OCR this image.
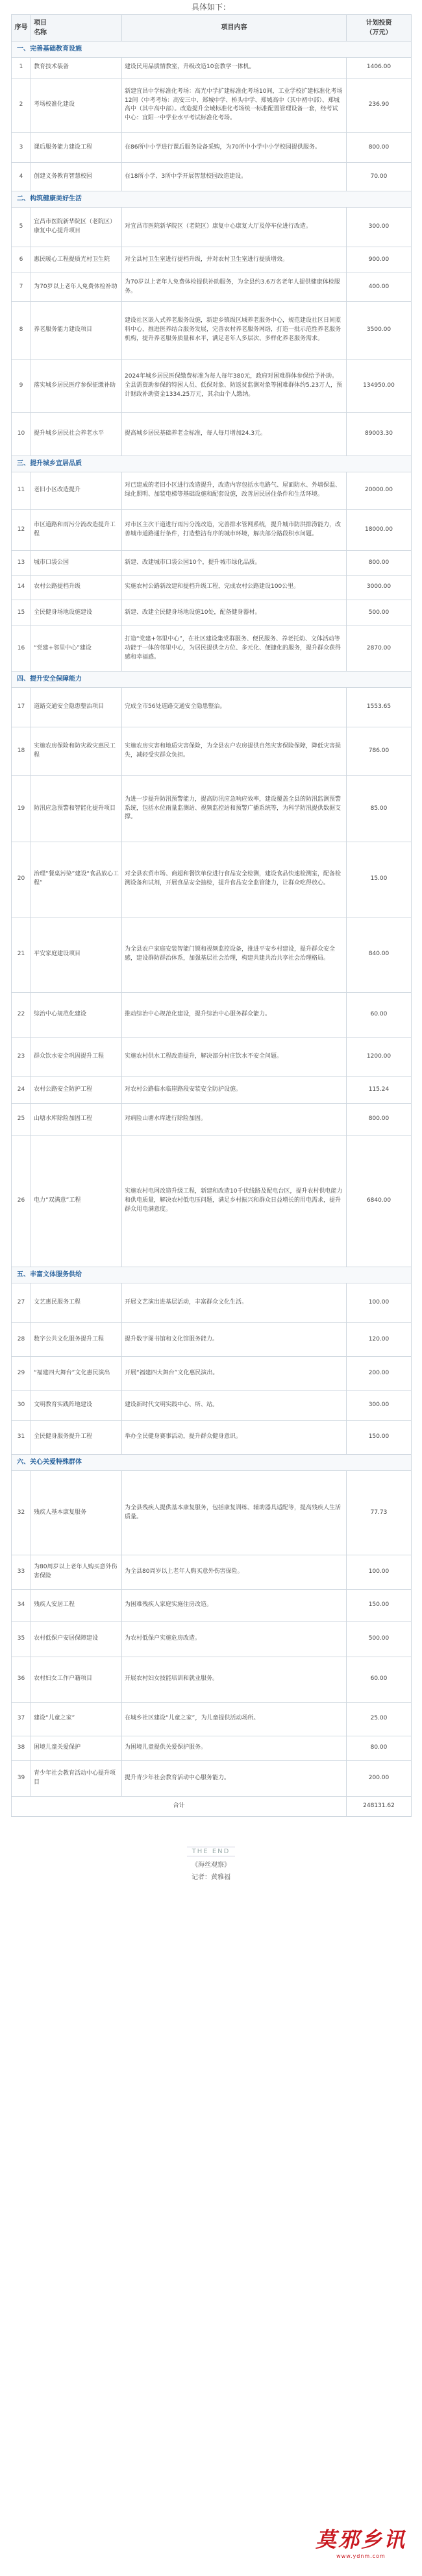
具体如下：
序号	项目
名称	项目内容	计划投资
（万元）
一、完善基础教育设施			
1	教育技术装备	建设民用品质情教室，升级改造10套教学一体机。	1406.00
2	考场校准化建设	新建宜昌中学标准化考场：高光中学扩建标准化考场10间，工业学校扩建标准化考场12间（中考考场：高安三中、郑城中学、桥头中学、郑城高中（其中初中部）、郑城高中（其中高中部）。改造提升全域标准化考场统一标准配置管理设备一套，经考试中心：宜阳一中学业水平考试标准化考场。	236.90
3	课后服务能力建设工程	在86所中小学进行课后服务设备采购，为70所中小学中小学校园提供服务。	800.00
4	创建义务教育智慧校园	在18所小学、3所中学开展智慧校园改造建设。	70.00
二、构筑健康美好生活			
5	宜昌市医院新华院区（老院区）康复中心提升项目	对宜昌市医院新华院区（老院区）康复中心康复大厅及停车位进行改造。	300.00
6	惠民暖心工程提质光村卫生院	对全县村卫生室进行提档升级，并对农村卫生室进行提质增效。	900.00
7	为70岁以上老年人免费体检补助	为70岁以上老年人免费体检提供补助服务，为全县约3.6万名老年人提供健康体检服务。	400.00
8	养老服务能力建设项目	建设社区嵌入式养老服务设施，新建乡镇级区域养老服务中心，规范建设社区日间照料中心，推进医养结合服务发展，完善农村养老服务网络，打造一批示范性养老服务机构，提升养老服务质量和水平，满足老年人多层次、多样化养老服务需求。	3500.00
9	落实城乡居民医疗参保征缴补助	2024年城乡居民医保缴费标准为每人每年380元，政府对困难群体参保给予补助。全县需资助参保的特困人员、低保对象、防返贫监测对象等困难群体约5.23万人，预计财政补助资金1334.25万元，其余由个人缴纳。	134950.00
10	提升城乡居民社会养老水平	提高城乡居民基础养老金标准，每人每月增加24.3元。	89003.30
三、提升城乡宜居品质			
11	老旧小区改造提升	对已建成的老旧小区进行改造提升，改造内容包括水电路气、屋面防水、外墙保温、绿化照明、加装电梯等基础设施和配套设施，改善居民居住条件和生活环境。	20000.00
12	市区道路和雨污分流改造提升工程	对市区主次干道进行雨污分流改造，完善排水管网系统，提升城市防洪排涝能力，改善城市道路通行条件，打造整洁有序的城市环境，解决部分路段积水问题。	18000.00
13	城市口袋公园	新建、改建城市口袋公园10个，提升城市绿化品质。	800.00
14	农村公路提档升级	实施农村公路新改建和提档升级工程，完成农村公路建设100公里。	3000.00
15	全民健身场地设施建设	新建、改建全民健身场地设施10处，配备健身器材。	500.00
16	“党建+邻里中心”建设	打造“党建+邻里中心”，在社区建设集党群服务、便民服务、养老托幼、文体活动等功能于一体的邻里中心，为居民提供全方位、多元化、便捷化的服务，提升群众获得感和幸福感。	2870.00
四、提升安全保障能力			
17	道路交通安全隐患整治项目	完成全市56处道路交通安全隐患整治。	1553.65
18	实施农房保险和防灾救灾惠民工程	实施农房灾害和地质灾害保险，为全县农户农房提供自然灾害保险保障，降低灾害损失，减轻受灾群众负担。	786.00
19	防汛应急预警和智能化提升项目	为进一步提升防汛预警能力，提高防汛应急响应效率，建设覆盖全县的防汛监测预警系统，包括水位雨量监测站、视频监控站和预警广播系统等，为科学防汛提供数据支撑。	85.00
20	治理“餐桌污染”建设“食品放心工程”	对全县农贸市场、商超和餐饮单位进行食品安全检测，建设食品快速检测室，配备检测设备和试剂，开展食品安全抽检，提升食品安全监管能力，让群众吃得放心。	15.00
21	平安家庭建设项目	为全县农户家庭安装智能门锁和视频监控设备，推进平安乡村建设，提升群众安全感，建设群防群治体系，加强基层社会治理，构建共建共治共享社会治理格局。	840.00
22	综治中心规范化建设	推动综治中心规范化建设，提升综治中心服务群众能力。	60.00
23	群众饮水安全巩固提升工程	实施农村供水工程改造提升，解决部分村庄饮水不安全问题。	1200.00
24	农村公路安全防护工程	对农村公路临水临崖路段安装安全防护设施。	115.24
25	山塘水库除险加固工程	对病险山塘水库进行除险加固。	800.00
26	电力“双满意”工程	实施农村电网改造升级工程，新建和改造10千伏线路及配电台区，提升农村供电能力和供电质量，解决农村低电压问题，满足乡村振兴和群众日益增长的用电需求，提升群众用电满意度。	6840.00
五、丰富文体服务供给			
27	文艺惠民服务工程	开展文艺演出进基层活动，丰富群众文化生活。	100.00
28	数字公共文化服务提升工程	提升数字图书馆和文化馆服务能力。	120.00
29	“福建四大舞台”文化惠民演出	开展“福建四大舞台”文化惠民演出。	200.00
30	文明教育实践阵地建设	建设新时代文明实践中心、所、站。	300.00
31	全民健身服务提升工程	举办全民健身赛事活动，提升群众健身意识。	150.00
六、关心关爱特殊群体			
32	残疾人基本康复服务	为全县残疾人提供基本康复服务，包括康复训练、辅助器具适配等，提高残疾人生活质量。	77.73
33	为80周岁以上老年人购买意外伤害保险	为全县80周岁以上老年人购买意外伤害保险。	100.00
34	残疾人安居工程	为困难残疾人家庭实施住房改造。	150.00
35	农村低保户安居保障建设	为农村低保户实施危房改造。	500.00
36	农村妇女工作户籍项目	开展农村妇女技能培训和就业服务。	60.00
37	建设“儿童之家”	在城乡社区建设“儿童之家”，为儿童提供活动场所。	25.00
38	困境儿童关爱保护	为困境儿童提供关爱保护服务。	80.00
39	青少年社会教育活动中心提升项目	提升青少年社会教育活动中心服务能力。	200.00
合计			248131.62
THE END
《海丝观察》
记者：黄雅福
莫邪乡讯
www.ydnm.com
